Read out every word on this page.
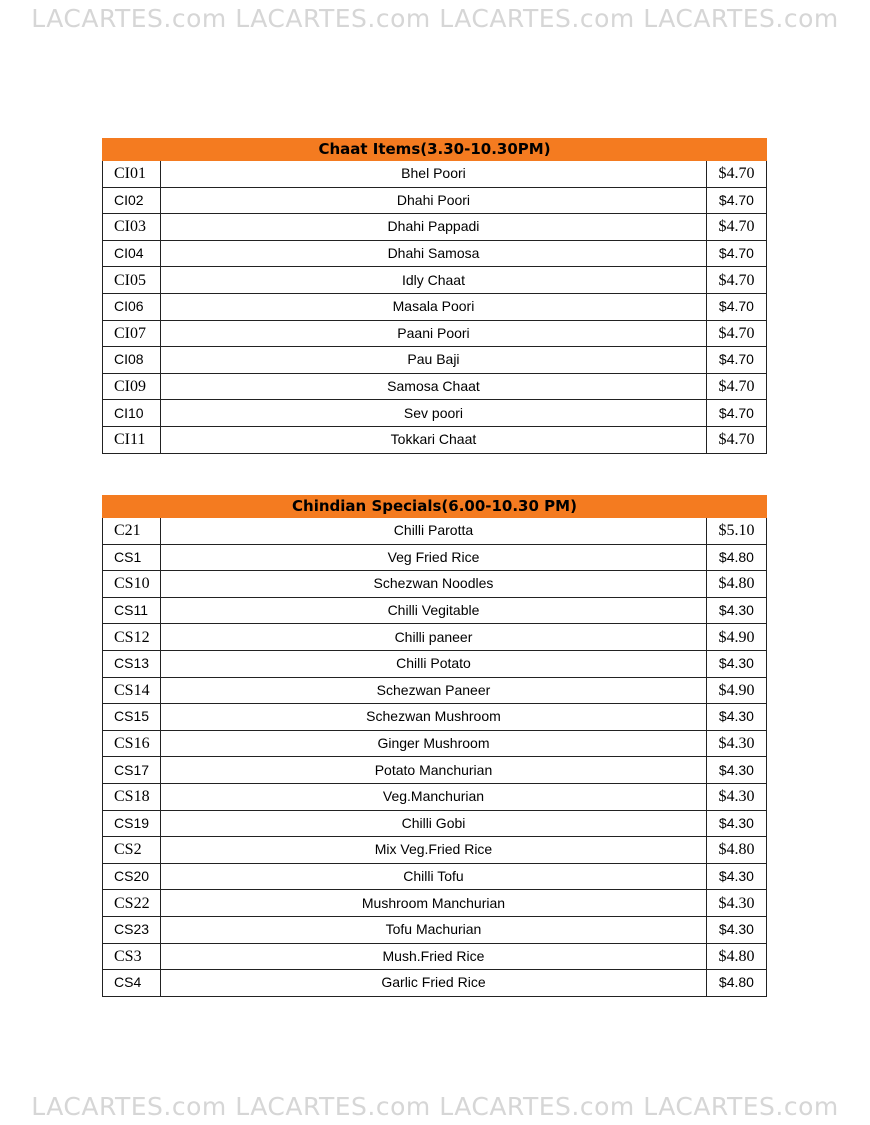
LACARTES.com LACARTES.com LACARTES.com LACARTES.com
Chaat Items(3.30-10.30PM)		
CI01	Bhel Poori	$4.70
CI02	Dhahi Poori	$4.70
CI03	Dhahi Pappadi	$4.70
CI04	Dhahi Samosa	$4.70
CI05	Idly Chaat	$4.70
CI06	Masala Poori	$4.70
CI07	Paani Poori	$4.70
CI08	Pau Baji	$4.70
CI09	Samosa Chaat	$4.70
CI10	Sev poori	$4.70
CI11	Tokkari Chaat	$4.70
Chindian Specials(6.00-10.30 PM)		
C21	Chilli Parotta	$5.10
CS1	Veg Fried Rice	$4.80
CS10	Schezwan Noodles	$4.80
CS11	Chilli Vegitable	$4.30
CS12	Chilli paneer	$4.90
CS13	Chilli Potato	$4.30
CS14	Schezwan Paneer	$4.90
CS15	Schezwan Mushroom	$4.30
CS16	Ginger Mushroom	$4.30
CS17	Potato Manchurian	$4.30
CS18	Veg.Manchurian	$4.30
CS19	Chilli Gobi	$4.30
CS2	Mix Veg.Fried Rice	$4.80
CS20	Chilli Tofu	$4.30
CS22	Mushroom Manchurian	$4.30
CS23	Tofu Machurian	$4.30
CS3	Mush.Fried Rice	$4.80
CS4	Garlic Fried Rice	$4.80
LACARTES.com LACARTES.com LACARTES.com LACARTES.com
